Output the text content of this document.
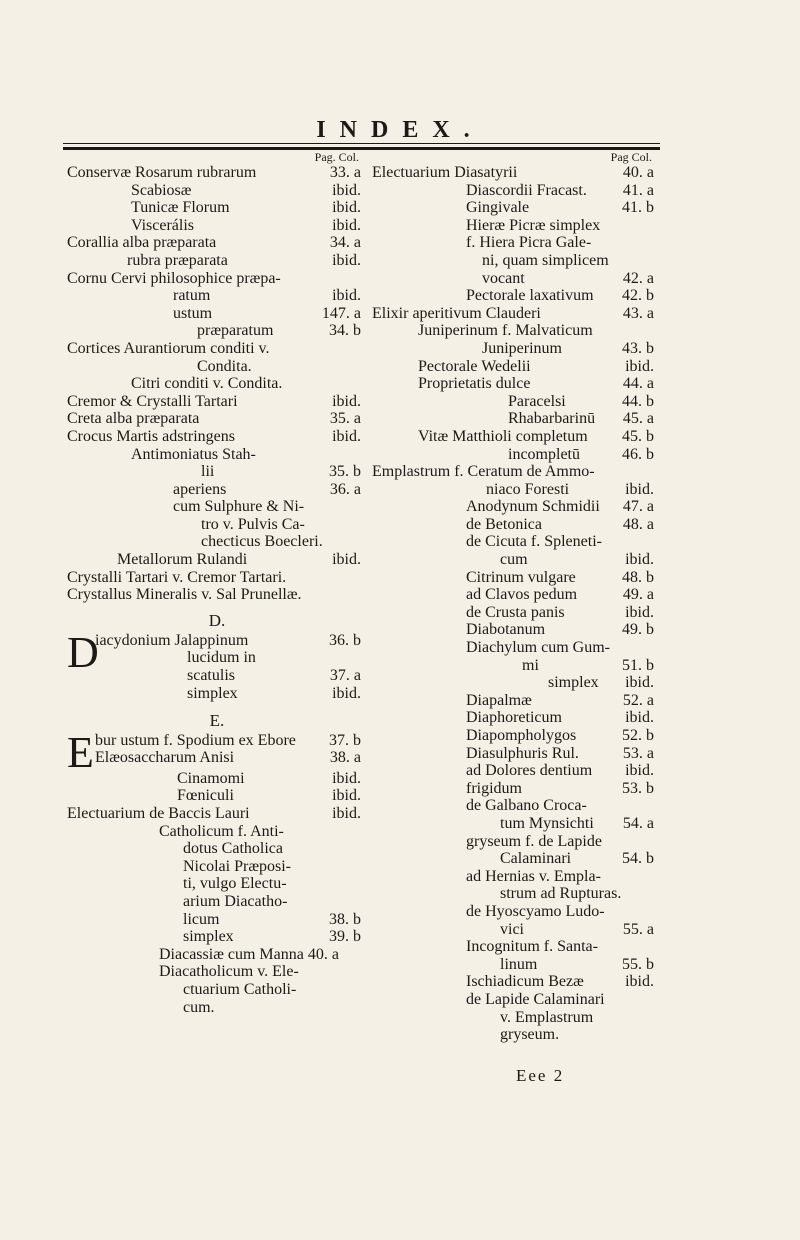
INDEX.
Pag. Col.
Conservæ Rosarum rubrarum	33. a
Scabiosæ	ibid.
Tunicæ Florum	ibid.
Viscerális	ibid.
Corallia alba præparata	34. a
rubra præparata	ibid.
Cornu Cervi philosophice præpa-
ratum	ibid.
ustum	147. a
præparatum	34. b
Cortices Aurantiorum conditi v.
Condita.
Citri conditi v. Condita.
Cremor & Crystalli Tartari	ibid.
Creta alba præparata	35. a
Crocus Martis adstringens	ibid.
Antimoniatus Stah-
lii	35. b
aperiens	36. a
cum Sulphure & Ni-
tro v. Pulvis Ca-
checticus Boecleri.
Metallorum Rulandi	ibid.
Crystalli Tartari v. Cremor Tartari.
Crystallus Mineralis v. Sal Prunellæ.
D.
D
iacydonium Jalappinum	36. b
lucidum in
scatulis	37. a
simplex	ibid.
E.
E bur ustum f. Spodium ex Ebore 37. b
Elæosaccharum Anisi	38. a
Cinamomi	ibid.
Fœniculi	ibid.
Electuarium de Baccis Lauri	ibid.
Catholicum f. Anti-
dotus Catholica
Nicolai Præposi-
ti, vulgo Electu-
arium Diacatho-
licum	38. b
simplex	39. b
Diacassiæ cum Manna 40. a
Diacatholicum v. Ele-
ctuarium Catholi-
cum.
Pag Col.
Electuarium Diasatyrii	40. a
Diascordii Fracast. 41. a
Gingivale	41. b
Hieræ Picræ simplex
f. Hiera Picra Gale-
ni, quam simplicem
vocant	42. a
Pectorale laxativum 42. b
Elixir aperitivum Clauderi	43. a
Juniperinum f. Malvaticum
Juniperinum	43. b
Pectorale Wedelii	ibid.
Proprietatis dulce	44. a
Paracelsi	44. b
Rhabarbarinū 45. a
Vitæ Matthioli completum 45. b
incompletū	46. b
Emplastrum f. Ceratum de Ammo-
niaco Foresti	ibid.
Anodynum Schmidii 47. a
de Betonica	48. a
de Cicuta f. Spleneti-
cum	ibid.
Citrinum vulgare	48. b
ad Clavos pedum	49. a
de Crusta panis	ibid.
Diabotanum	49. b
Diachylum cum Gum-
mi	51. b
simplex ibid.
Diapalmæ	52. a
Diaphoreticum	ibid.
Diapompholygos	52. b
Diasulphuris Rul.	53. a
ad Dolores dentium ibid.
frigidum	53. b
de Galbano Croca-
tum Mynsichti 54. a
gryseum f. de Lapide
Calaminari	54. b
ad Hernias v. Empla-
strum ad Rupturas.
de Hyoscyamo Ludo-
vici	55. a
Incognitum f. Santa-
linum	55. b
Ischiadicum Bezæ	ibid.
de Lapide Calaminari
v. Emplastrum
gryseum.
Eee 2
